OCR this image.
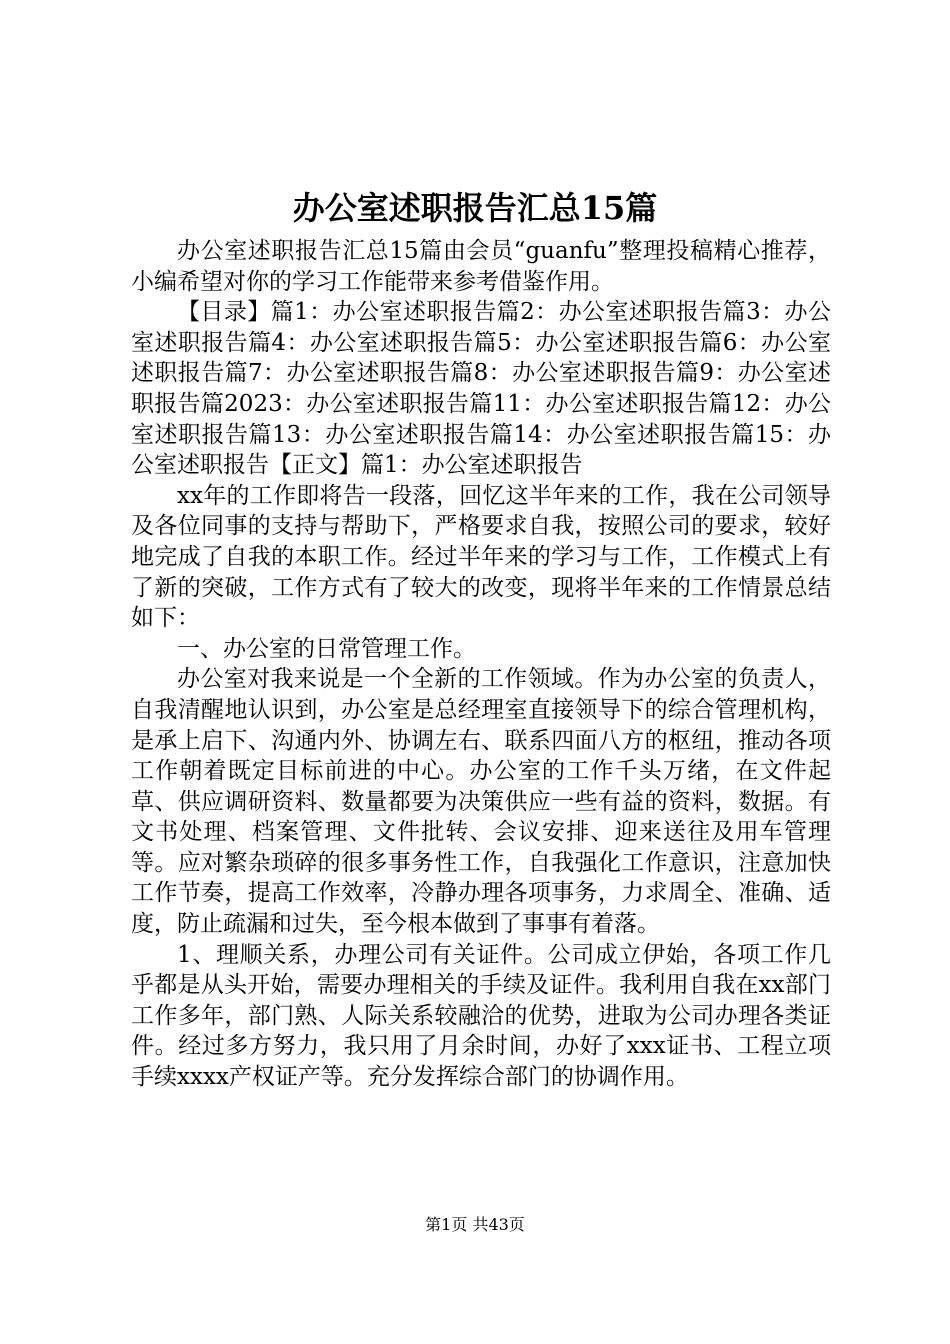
办公室述职报告汇总15篇

办公室述职报告汇总15篇由会员“guanfu”整理投稿精心推荐，小编希望对你的学习工作能带来参考借鉴作用。

【目录】篇1：办公室述职报告篇2：办公室述职报告篇3：办公室述职报告篇4：办公室述职报告篇5：办公室述职报告篇6：办公室述职报告篇7：办公室述职报告篇8：办公室述职报告篇9：办公室述职报告篇2023：办公室述职报告篇11：办公室述职报告篇12：办公室述职报告篇13：办公室述职报告篇14：办公室述职报告篇15：办公室述职报告【正文】篇1：办公室述职报告

xx年的工作即将告一段落，回忆这半年来的工作，我在公司领导及各位同事的支持与帮助下，严格要求自我，按照公司的要求，较好地完成了自我的本职工作。经过半年来的学习与工作，工作模式上有了新的突破，工作方式有了较大的改变，现将半年来的工作情景总结如下：

一、办公室的日常管理工作。

办公室对我来说是一个全新的工作领域。作为办公室的负责人，自我清醒地认识到，办公室是总经理室直接领导下的综合管理机构，是承上启下、沟通内外、协调左右、联系四面八方的枢纽，推动各项工作朝着既定目标前进的中心。办公室的工作千头万绪，在文件起草、供应调研资料、数量都要为决策供应一些有益的资料，数据。有文书处理、档案管理、文件批转、会议安排、迎来送往及用车管理等。应对繁杂琐碎的很多事务性工作，自我强化工作意识，注意加快工作节奏，提高工作效率，冷静办理各项事务，力求周全、准确、适度，防止疏漏和过失，至今根本做到了事事有着落。

1、理顺关系，办理公司有关证件。公司成立伊始，各项工作几乎都是从头开始，需要办理相关的手续及证件。我利用自我在xx部门工作多年，部门熟、人际关系较融洽的优势，进取为公司办理各类证件。经过多方努力，我只用了月余时间，办好了xxx证书、工程立项手续xxxx产权证产等。充分发挥综合部门的协调作用。

第1页 共43页
